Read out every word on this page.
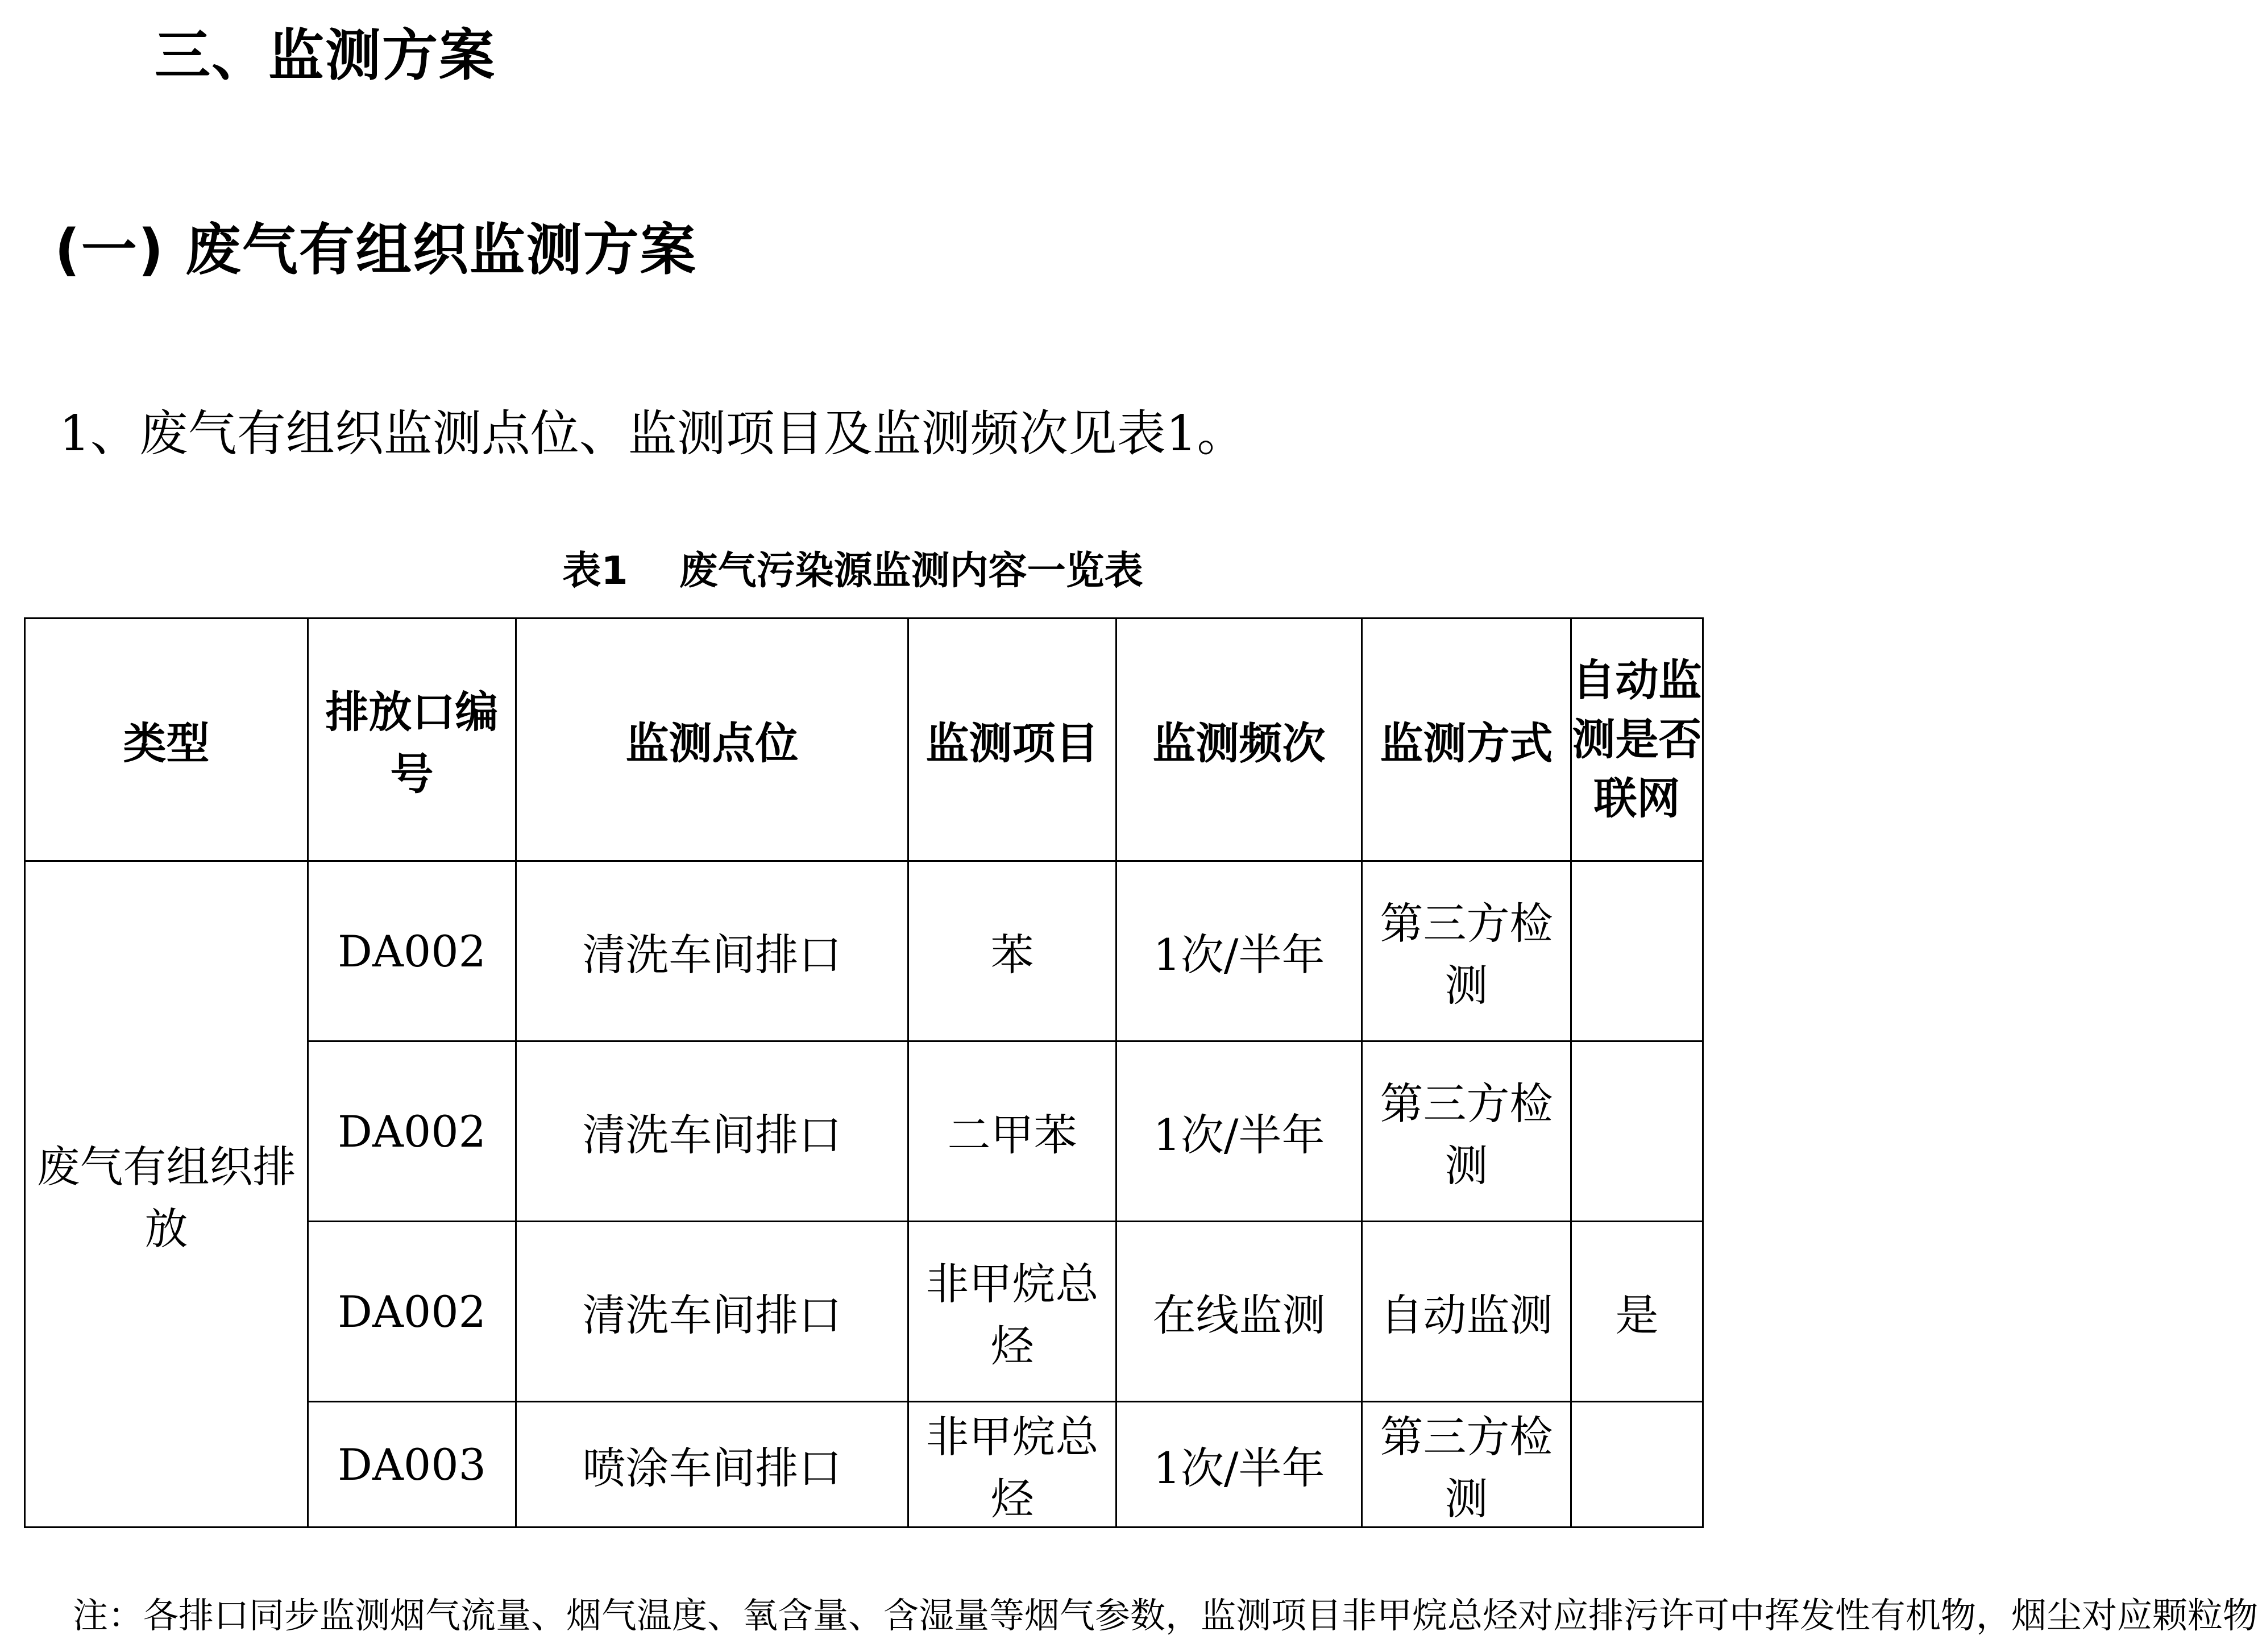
三、监测方案
(一) 废气有组织监测方案
1、废气有组织监测点位、监测项目及监测频次见表1。
表1 废气污染源监测内容一览表
类型	排放口编号	监测点位	监测项目	监测频次	监测方式	自动监测是否联网
废气有组织排放	DA002	清洗车间排口	苯	1次/半年	第三方检测	
	DA002	清洗车间排口	二甲苯	1次/半年	第三方检测	
	DA002	清洗车间排口	非甲烷总烃	在线监测	自动监测	是
	DA003	喷涂车间排口	非甲烷总烃	1次/半年	第三方检测	
注：各排口同步监测烟气流量、烟气温度、氧含量、含湿量等烟气参数，监测项目非甲烷总烃对应排污许可中挥发性有机物，烟尘对应颗粒物
